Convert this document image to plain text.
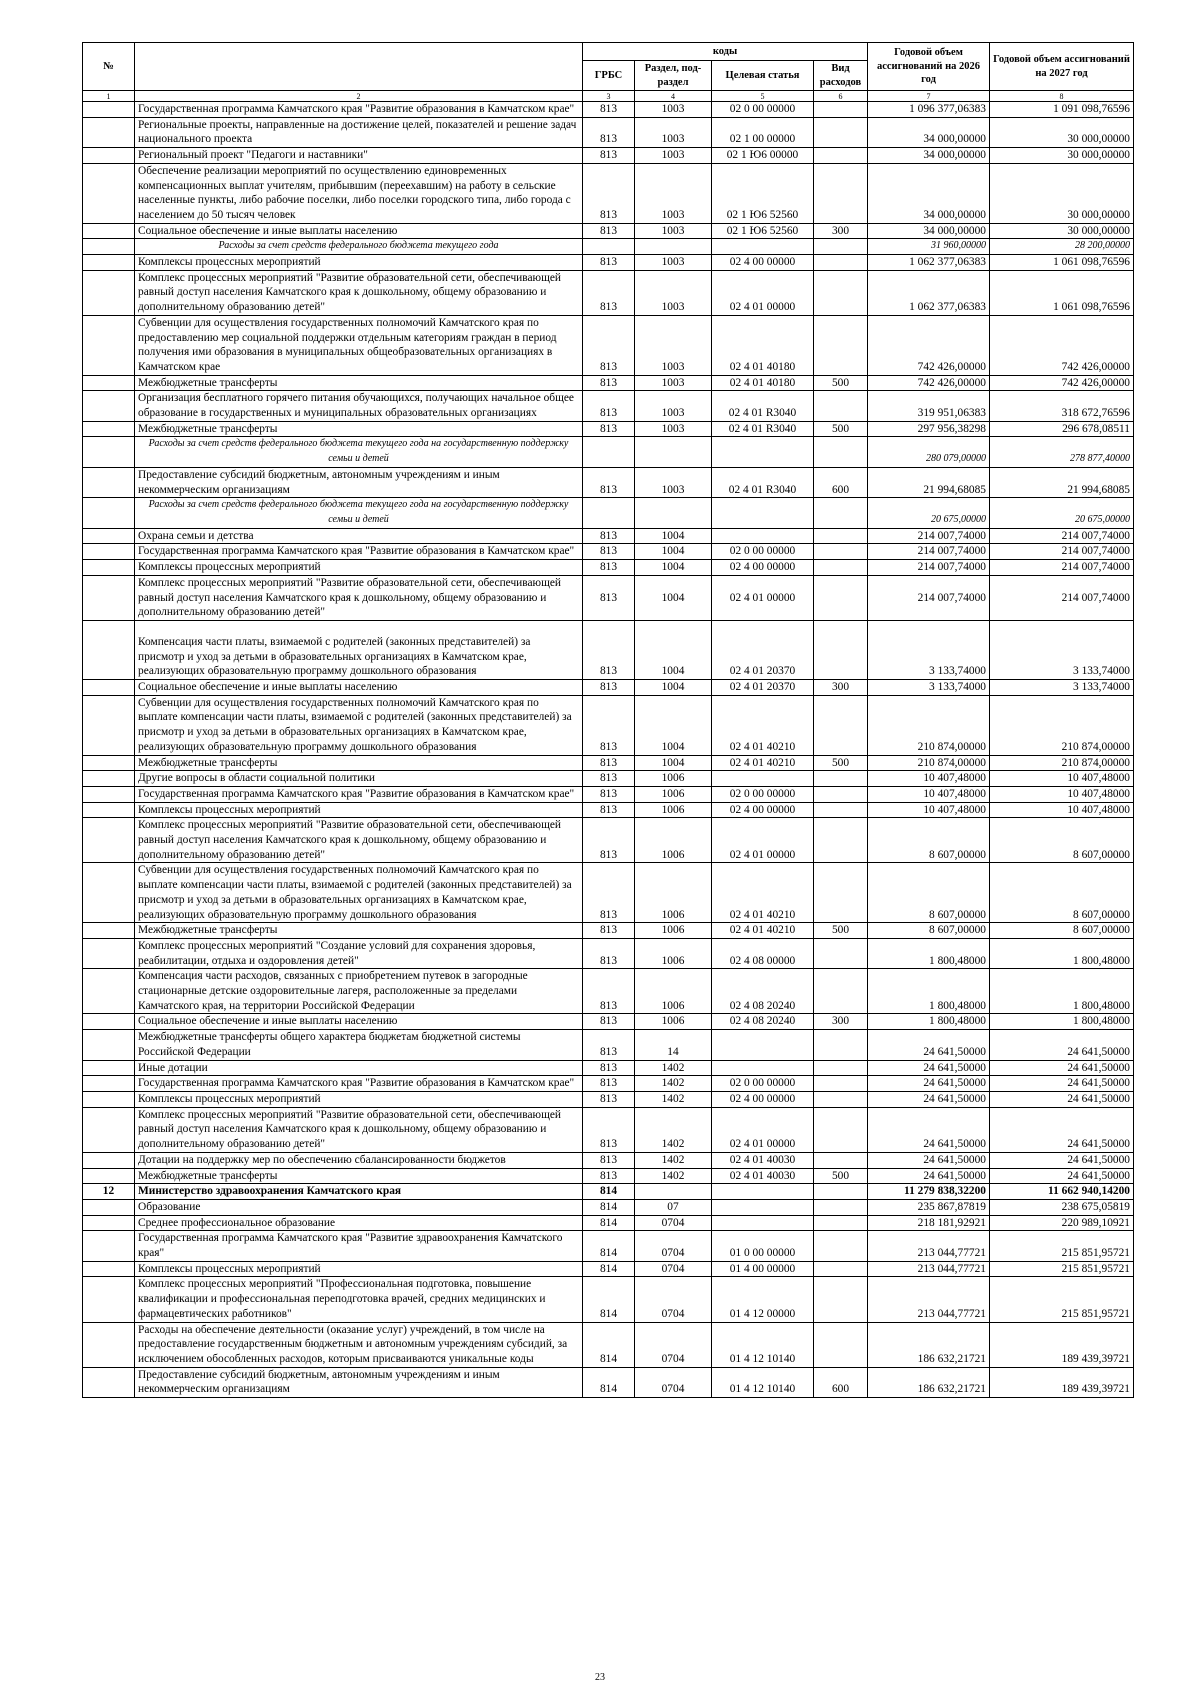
№		коды				Годовой объем ассигнований на 2026 год	Годовой объем ассигнований на 2027 год
		ГРБС	Раздел, под-раздел	Целевая статья	Вид расходов		
1	2	3	4	5	6	7	8
	Государственная программа Камчатского края "Развитие образования в Камчатском крае"	813	1003	02 0 00 00000		1 096 377,06383	1 091 098,76596
	Региональные проекты, направленные на достижение целей, показателей и решение задач национального проекта	813	1003	02 1 00 00000		34 000,00000	30 000,00000
	Региональный проект "Педагоги и наставники"	813	1003	02 1 Ю6 00000		34 000,00000	30 000,00000
	Обеспечение реализации мероприятий по осуществлению единовременных компенсационных выплат учителям, прибывшим (переехавшим) на работу в сельские населенные пункты, либо рабочие поселки, либо поселки городского типа, либо города с населением до 50 тысяч человек	813	1003	02 1 Ю6 52560		34 000,00000	30 000,00000
	Социальное обеспечение и иные выплаты населению	813	1003	02 1 Ю6 52560	300	34 000,00000	30 000,00000
	Расходы за счет средств федерального бюджета текущего года					31 960,00000	28 200,00000
	Комплексы процессных мероприятий	813	1003	02 4 00 00000		1 062 377,06383	1 061 098,76596
	Комплекс процессных мероприятий "Развитие образовательной сети, обеспечивающей равный доступ населения Камчатского края к дошкольному, общему образованию и дополнительному образованию детей"	813	1003	02 4 01 00000		1 062 377,06383	1 061 098,76596
	Субвенции для осуществления государственных полномочий Камчатского края по предоставлению мер социальной поддержки отдельным категориям граждан в период получения ими образования в муниципальных общеобразовательных организациях в Камчатском крае	813	1003	02 4 01 40180		742 426,00000	742 426,00000
	Межбюджетные трансферты	813	1003	02 4 01 40180	500	742 426,00000	742 426,00000
	Организация бесплатного горячего питания обучающихся, получающих начальное общее образование в государственных и муниципальных образовательных организациях	813	1003	02 4 01 R3040		319 951,06383	318 672,76596
	Межбюджетные трансферты	813	1003	02 4 01 R3040	500	297 956,38298	296 678,08511
	Расходы за счет средств федерального бюджета текущего года на государственную поддержку семьи и детей					280 079,00000	278 877,40000
	Предоставление субсидий бюджетным, автономным учреждениям и иным некоммерческим организациям	813	1003	02 4 01 R3040	600	21 994,68085	21 994,68085
	Расходы за счет средств федерального бюджета текущего года на государственную поддержку семьи и детей					20 675,00000	20 675,00000
	Охрана семьи и детства	813	1004			214 007,74000	214 007,74000
	Государственная программа Камчатского края "Развитие образования в Камчатском крае"	813	1004	02 0 00 00000		214 007,74000	214 007,74000
	Комплексы процессных мероприятий	813	1004	02 4 00 00000		214 007,74000	214 007,74000
	Комплекс процессных мероприятий "Развитие образовательной сети, обеспечивающей равный доступ населения Камчатского края к дошкольному, общему образованию и дополнительному образованию детей"	813	1004	02 4 01 00000		214 007,74000	214 007,74000
	Компенсация части платы, взимаемой с родителей (законных представителей) за присмотр и уход за детьми в образовательных организациях в Камчатском крае, реализующих образовательную программу дошкольного образования	813	1004	02 4 01 20370		3 133,74000	3 133,74000
	Социальное обеспечение и иные выплаты населению	813	1004	02 4 01 20370	300	3 133,74000	3 133,74000
	Субвенции для осуществления государственных полномочий Камчатского края по выплате компенсации части платы, взимаемой с родителей (законных представителей) за присмотр и уход за детьми в образовательных организациях в Камчатском крае, реализующих образовательную программу дошкольного образования	813	1004	02 4 01 40210		210 874,00000	210 874,00000
	Межбюджетные трансферты	813	1004	02 4 01 40210	500	210 874,00000	210 874,00000
	Другие вопросы в области социальной политики	813	1006			10 407,48000	10 407,48000
	Государственная программа Камчатского края "Развитие образования в Камчатском крае"	813	1006	02 0 00 00000		10 407,48000	10 407,48000
	Комплексы процессных мероприятий	813	1006	02 4 00 00000		10 407,48000	10 407,48000
	Комплекс процессных мероприятий "Развитие образовательной сети, обеспечивающей равный доступ населения Камчатского края к дошкольному, общему образованию и дополнительному образованию детей"	813	1006	02 4 01 00000		8 607,00000	8 607,00000
	Субвенции для осуществления государственных полномочий Камчатского края по выплате компенсации части платы, взимаемой с родителей (законных представителей) за присмотр и уход за детьми в образовательных организациях в Камчатском крае, реализующих образовательную программу дошкольного образования	813	1006	02 4 01 40210		8 607,00000	8 607,00000
	Межбюджетные трансферты	813	1006	02 4 01 40210	500	8 607,00000	8 607,00000
	Комплекс процессных мероприятий "Создание условий для сохранения здоровья, реабилитации, отдыха и оздоровления детей"	813	1006	02 4 08 00000		1 800,48000	1 800,48000
	Компенсация части расходов, связанных с приобретением путевок в загородные стационарные детские оздоровительные лагеря, расположенные за пределами Камчатского края, на территории Российской Федерации	813	1006	02 4 08 20240		1 800,48000	1 800,48000
	Социальное обеспечение и иные выплаты населению	813	1006	02 4 08 20240	300	1 800,48000	1 800,48000
	Межбюджетные трансферты общего характера бюджетам бюджетной системы Российской Федерации	813	14			24 641,50000	24 641,50000
	Иные дотации	813	1402			24 641,50000	24 641,50000
	Государственная программа Камчатского края "Развитие образования в Камчатском крае"	813	1402	02 0 00 00000		24 641,50000	24 641,50000
	Комплексы процессных мероприятий	813	1402	02 4 00 00000		24 641,50000	24 641,50000
	Комплекс процессных мероприятий "Развитие образовательной сети, обеспечивающей равный доступ населения Камчатского края к дошкольному, общему образованию и дополнительному образованию детей"	813	1402	02 4 01 00000		24 641,50000	24 641,50000
	Дотации на поддержку мер по обеспечению сбалансированности бюджетов	813	1402	02 4 01 40030		24 641,50000	24 641,50000
	Межбюджетные трансферты	813	1402	02 4 01 40030	500	24 641,50000	24 641,50000
12	Министерство здравоохранения Камчатского края	814				11 279 838,32200	11 662 940,14200
	Образование	814	07			235 867,87819	238 675,05819
	Среднее профессиональное образование	814	0704			218 181,92921	220 989,10921
	Государственная программа Камчатского края "Развитие здравоохранения Камчатского края"	814	0704	01 0 00 00000		213 044,77721	215 851,95721
	Комплексы процессных мероприятий	814	0704	01 4 00 00000		213 044,77721	215 851,95721
	Комплекс процессных мероприятий "Профессиональная подготовка, повышение квалификации и профессиональная переподготовка врачей, средних медицинских и фармацевтических работников"	814	0704	01 4 12 00000		213 044,77721	215 851,95721
	Расходы на обеспечение деятельности (оказание услуг) учреждений, в том числе на предоставление государственным бюджетным и автономным учреждениям субсидий, за исключением обособленных расходов, которым присваиваются уникальные коды	814	0704	01 4 12 10140		186 632,21721	189 439,39721
	Предоставление субсидий бюджетным, автономным учреждениям и иным некоммерческим организациям	814	0704	01 4 12 10140	600	186 632,21721	189 439,39721
23
